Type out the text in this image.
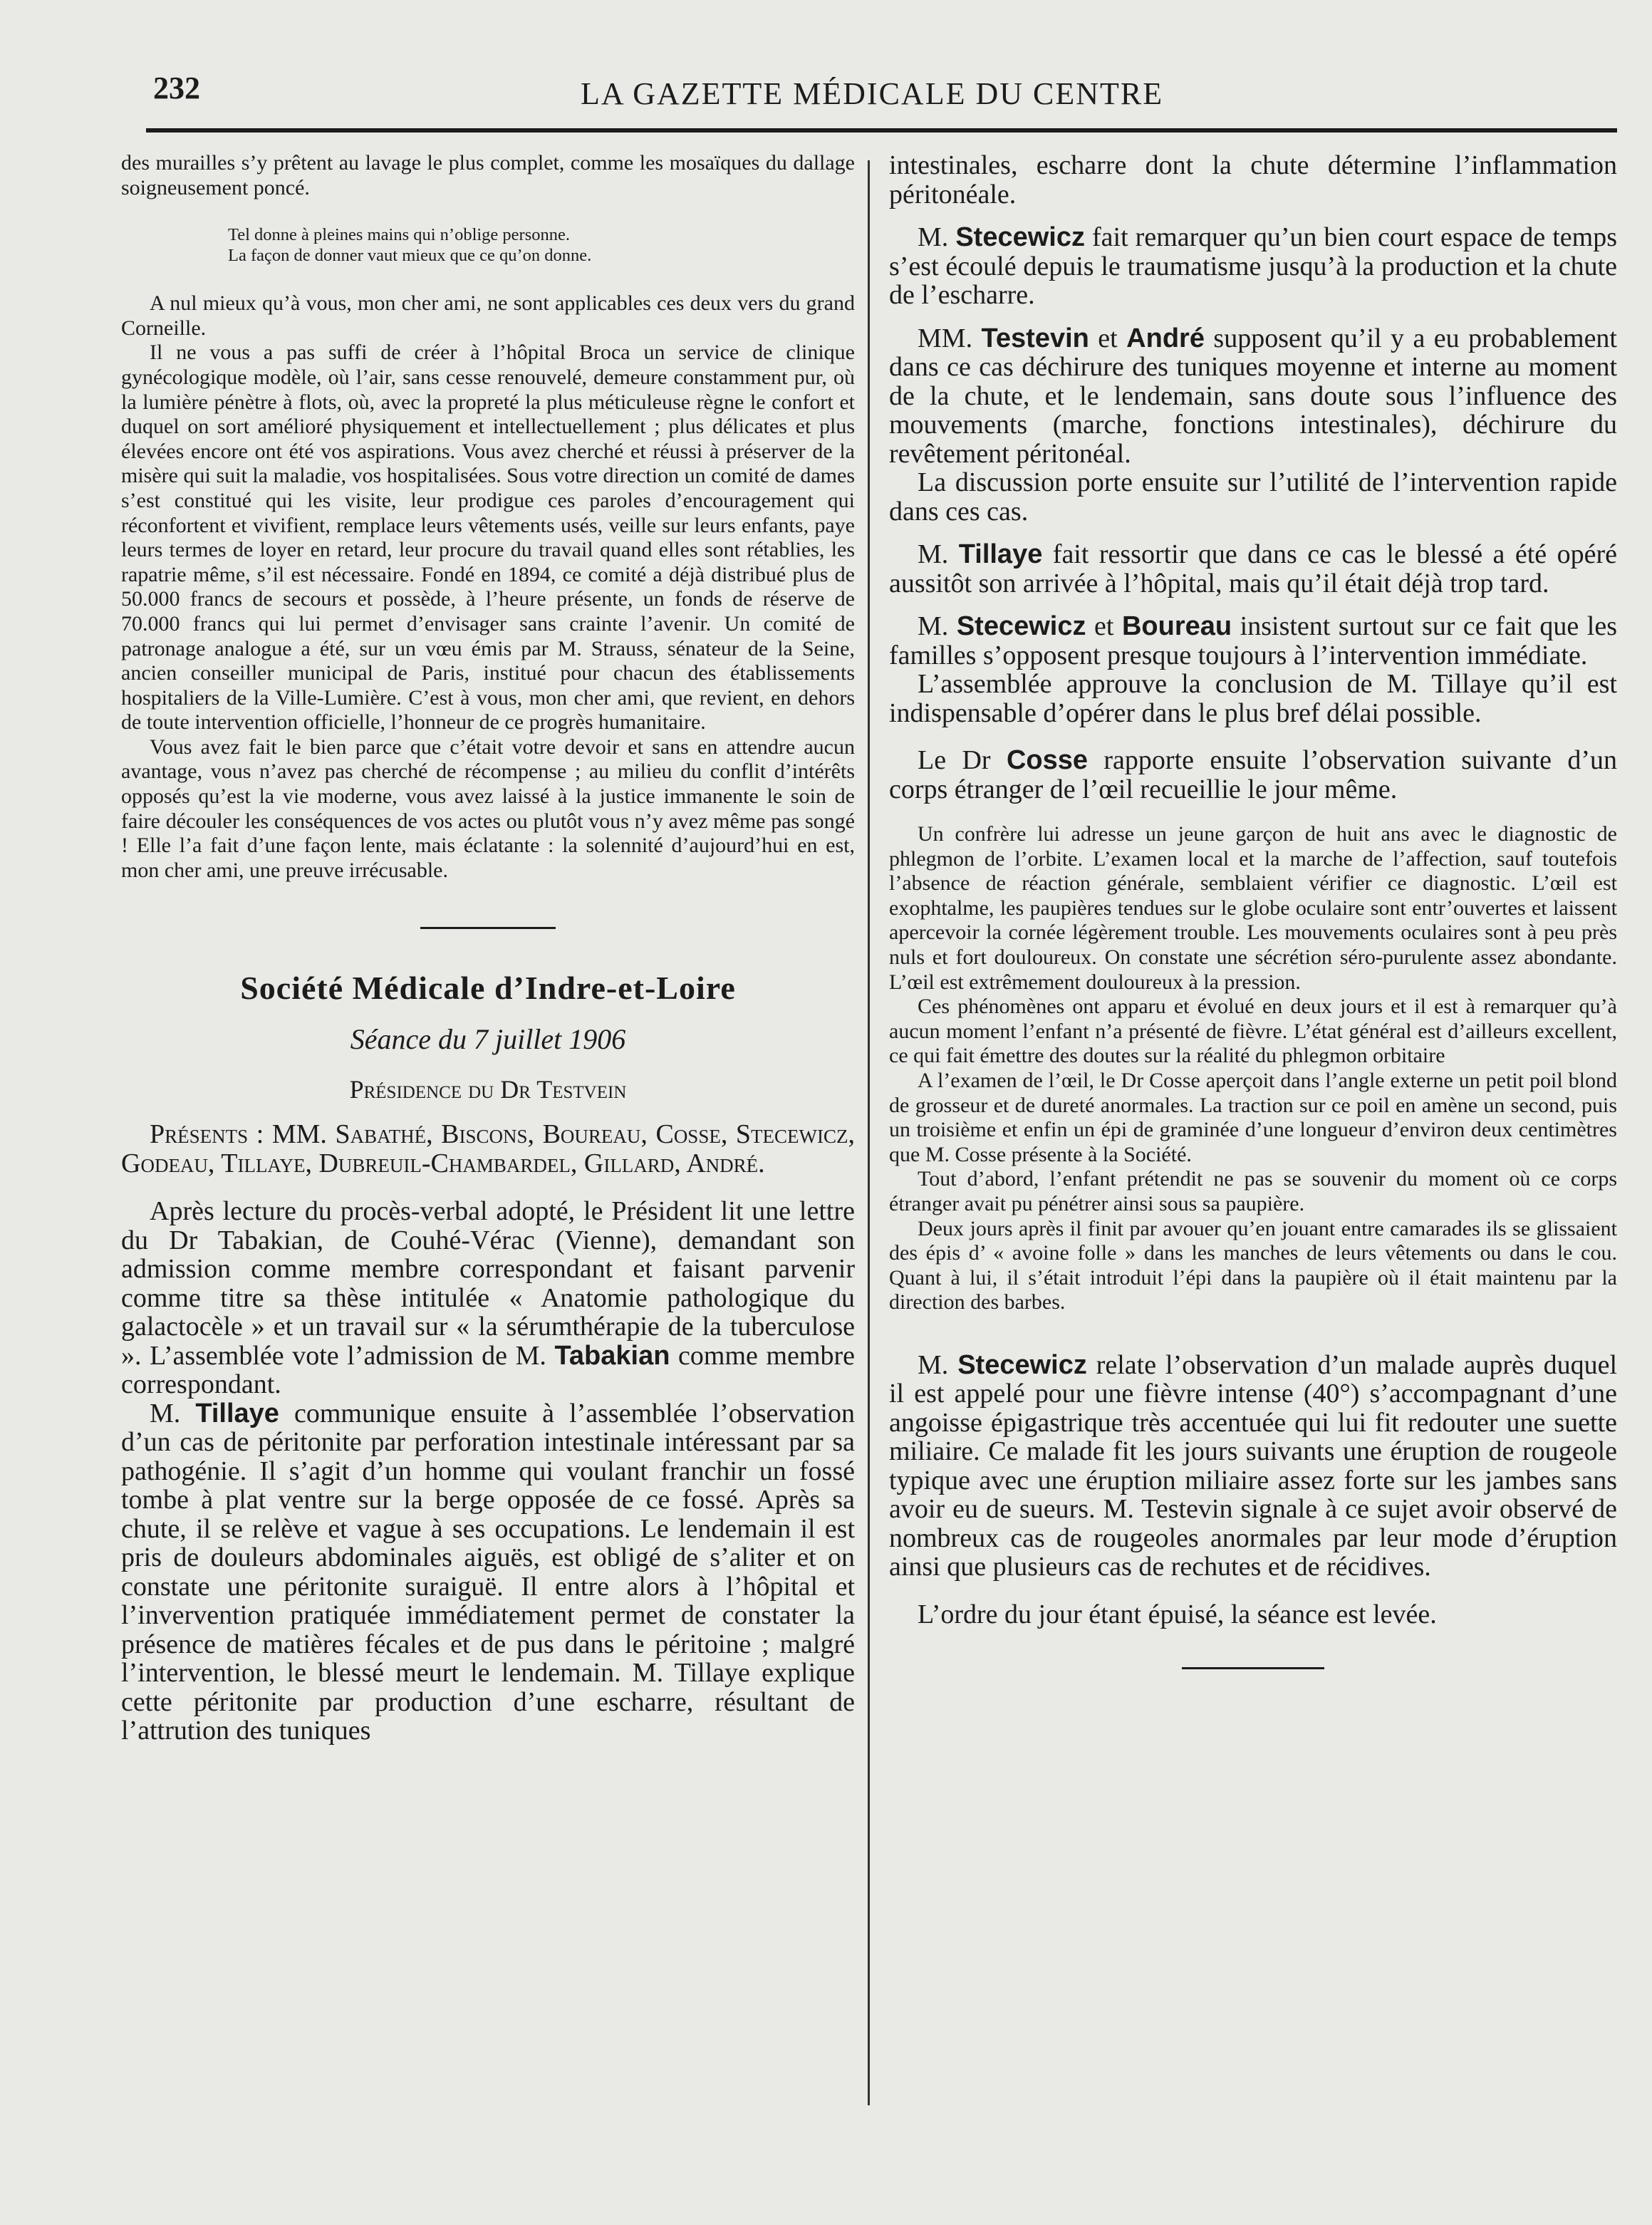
232	LA GAZETTE MÉDICALE DU CENTRE

des murailles s’y prêtent au lavage le plus complet, comme les mosaïques du dallage soigneusement poncé.

Tel donne à pleines mains qui n’oblige personne.
La façon de donner vaut mieux que ce qu’on donne.

A nul mieux qu’à vous, mon cher ami, ne sont applicables ces deux vers du grand Corneille.

Il ne vous a pas suffi de créer à l’hôpital Broca un service de clinique gynécologique modèle, où l’air, sans cesse renouvelé, demeure constamment pur, où la lumière pénètre à flots, où, avec la propreté la plus méticuleuse règne le confort et duquel on sort amélioré physiquement et intellectuellement ; plus délicates et plus élevées encore ont été vos aspirations. Vous avez cherché et réussi à préserver de la misère qui suit la maladie, vos hospitalisées. Sous votre direction un comité de dames s’est constitué qui les visite, leur prodigue ces paroles d’encouragement qui réconfortent et vivifient, remplace leurs vêtements usés, veille sur leurs enfants, paye leurs termes de loyer en retard, leur procure du travail quand elles sont rétablies, les rapatrie même, s’il est nécessaire. Fondé en 1894, ce comité a déjà distribué plus de 50.000 francs de secours et possède, à l’heure présente, un fonds de réserve de 70.000 francs qui lui permet d’envisager sans crainte l’avenir. Un comité de patronage analogue a été, sur un vœu émis par M. Strauss, sénateur de la Seine, ancien conseiller municipal de Paris, institué pour chacun des établissements hospitaliers de la Ville-Lumière. C’est à vous, mon cher ami, que revient, en dehors de toute intervention officielle, l’honneur de ce progrès humanitaire.

Vous avez fait le bien parce que c’était votre devoir et sans en attendre aucun avantage, vous n’avez pas cherché de récompense ; au milieu du conflit d’intérêts opposés qu’est la vie moderne, vous avez laissé à la justice immanente le soin de faire découler les conséquences de vos actes ou plutôt vous n’y avez même pas songé ! Elle l’a fait d’une façon lente, mais éclatante : la solennité d’aujourd’hui en est, mon cher ami, une preuve irrécusable.

Société Médicale d’Indre-et-Loire
Séance du 7 juillet 1906
Présidence du Dr Testvein

Présents : MM. Sabathé, Biscons, Boureau, Cosse, Stecewicz, Godeau, Tillaye, Dubreuil-Chambardel, Gillard, André.

Après lecture du procès-verbal adopté, le Président lit une lettre du Dr Tabakian, de Couhé-Vérac (Vienne), demandant son admission comme membre correspondant et faisant parvenir comme titre sa thèse intitulée « Anatomie pathologique du galactocèle » et un travail sur « la sérumthérapie de la tuberculose ». L’assemblée vote l’admission de M. Tabakian comme membre correspondant.

M. Tillaye communique ensuite à l’assemblée l’observation d’un cas de péritonite par perforation intestinale intéressant par sa pathogénie. Il s’agit d’un homme qui voulant franchir un fossé tombe à plat ventre sur la berge opposée de ce fossé. Après sa chute, il se relève et vague à ses occupations. Le lendemain il est pris de douleurs abdominales aiguës, est obligé de s’aliter et on constate une péritonite suraiguë. Il entre alors à l’hôpital et l’invervention pratiquée immédiatement permet de constater la présence de matières fécales et de pus dans le péritoine ; malgré l’intervention, le blessé meurt le lendemain. M. Tillaye explique cette péritonite par production d’une escharre, résultant de l’attrution des tuniques

intestinales, escharre dont la chute détermine l’inflammation péritonéale.

M. Stecewicz fait remarquer qu’un bien court espace de temps s’est écoulé depuis le traumatisme jusqu’à la production et la chute de l’escharre.

MM. Testevin et André supposent qu’il y a eu probablement dans ce cas déchirure des tuniques moyenne et interne au moment de la chute, et le lendemain, sans doute sous l’influence des mouvements (marche, fonctions intestinales), déchirure du revêtement péritonéal.

La discussion porte ensuite sur l’utilité de l’intervention rapide dans ces cas.

M. Tillaye fait ressortir que dans ce cas le blessé a été opéré aussitôt son arrivée à l’hôpital, mais qu’il était déjà trop tard.

M. Stecewicz et Boureau insistent surtout sur ce fait que les familles s’opposent presque toujours à l’intervention immédiate.

L’assemblée approuve la conclusion de M. Tillaye qu’il est indispensable d’opérer dans le plus bref délai possible.

Le Dr Cosse rapporte ensuite l’observation suivante d’un corps étranger de l’œil recueillie le jour même.

Un confrère lui adresse un jeune garçon de huit ans avec le diagnostic de phlegmon de l’orbite. L’examen local et la marche de l’affection, sauf toutefois l’absence de réaction générale, semblaient vérifier ce diagnostic. L’œil est exophtalme, les paupières tendues sur le globe oculaire sont entr’ouvertes et laissent apercevoir la cornée légèrement trouble. Les mouvements oculaires sont à peu près nuls et fort douloureux. On constate une sécrétion séro-purulente assez abondante. L’œil est extrêmement douloureux à la pression.

Ces phénomènes ont apparu et évolué en deux jours et il est à remarquer qu’à aucun moment l’enfant n’a présenté de fièvre. L’état général est d’ailleurs excellent, ce qui fait émettre des doutes sur la réalité du phlegmon orbitaire

A l’examen de l’œil, le Dr Cosse aperçoit dans l’angle externe un petit poil blond de grosseur et de dureté anormales. La traction sur ce poil en amène un second, puis un troisième et enfin un épi de graminée d’une longueur d’environ deux centimètres que M. Cosse présente à la Société.

Tout d’abord, l’enfant prétendit ne pas se souvenir du moment où ce corps étranger avait pu pénétrer ainsi sous sa paupière.

Deux jours après il finit par avouer qu’en jouant entre camarades ils se glissaient des épis d’ « avoine folle » dans les manches de leurs vêtements ou dans le cou. Quant à lui, il s’était introduit l’épi dans la paupière où il était maintenu par la direction des barbes.

M. Stecewicz relate l’observation d’un malade auprès duquel il est appelé pour une fièvre intense (40°) s’accompagnant d’une angoisse épigastrique très accentuée qui lui fit redouter une suette miliaire. Ce malade fit les jours suivants une éruption de rougeole typique avec une éruption miliaire assez forte sur les jambes sans avoir eu de sueurs. M. Testevin signale à ce sujet avoir observé de nombreux cas de rougeoles anormales par leur mode d’éruption ainsi que plusieurs cas de rechutes et de récidives.

L’ordre du jour étant épuisé, la séance est levée.
